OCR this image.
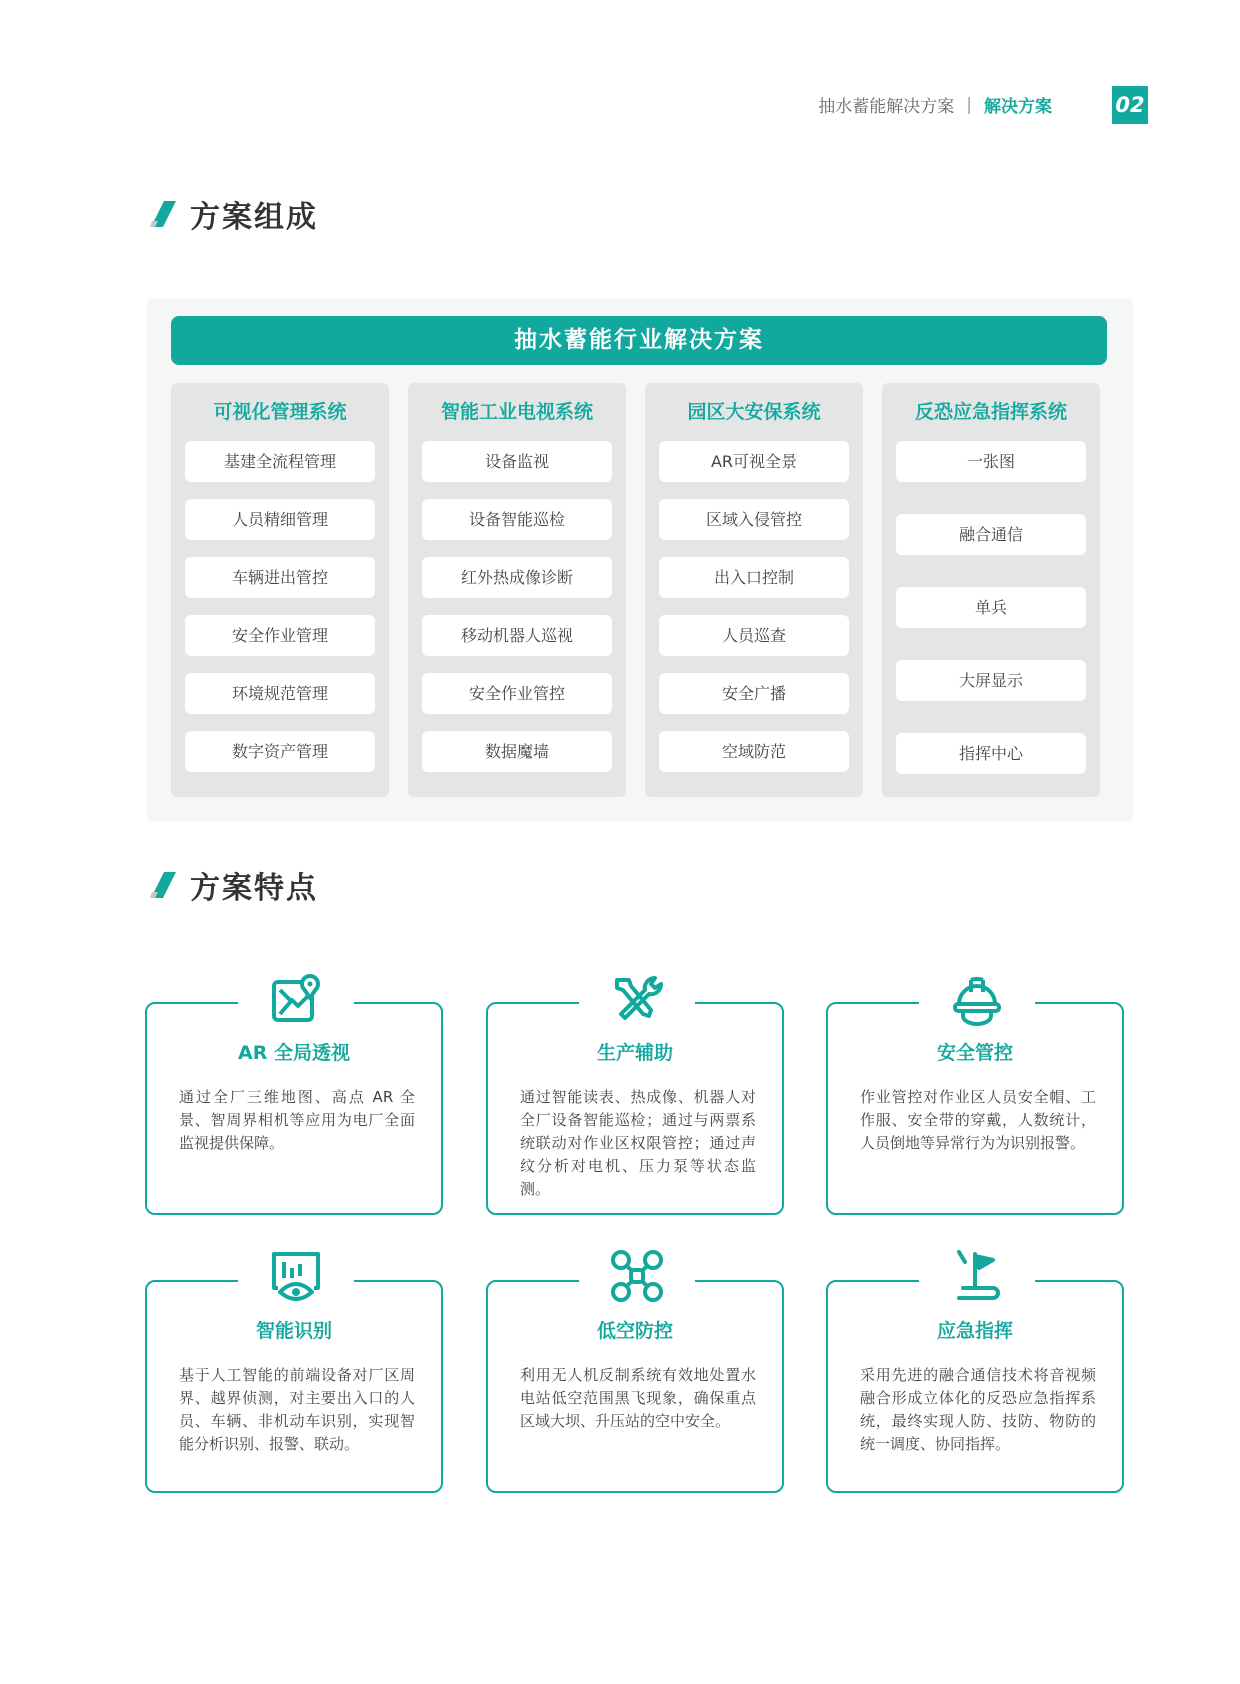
抽水蓄能解决方案 | 解决方案	02
方案组成
抽水蓄能行业解决方案
可视化管理系统
基建全流程管理
人员精细管理
车辆进出管控
安全作业管理
环境规范管理
数字资产管理
智能工业电视系统
设备监视
设备智能巡检
红外热成像诊断
移动机器人巡视
安全作业管控
数据魔墙
园区大安保系统
AR可视全景
区域入侵管控
出入口控制
人员巡查
安全广播
空域防范
反恐应急指挥系统
一张图
融合通信
单兵
大屏显示
指挥中心
方案特点
AR 全局透视
通过全厂三维地图、高点 AR 全景、智周界相机等应用为电厂全面监视提供保障。
生产辅助
通过智能读表、热成像、机器人对全厂设备智能巡检；通过与两票系统联动对作业区权限管控；通过声纹分析对电机、压力泵等状态监测。
安全管控
作业管控对作业区人员安全帽、工作服、安全带的穿戴，人数统计，人员倒地等异常行为为识别报警。
智能识别
基于人工智能的前端设备对厂区周界、越界侦测，对主要出入口的人员、车辆、非机动车识别，实现智能分析识别、报警、联动。
低空防控
利用无人机反制系统有效地处置水电站低空范围黑飞现象，确保重点区域大坝、升压站的空中安全。
应急指挥
采用先进的融合通信技术将音视频融合形成立体化的反恐应急指挥系统，最终实现人防、技防、物防的统一调度、协同指挥。
